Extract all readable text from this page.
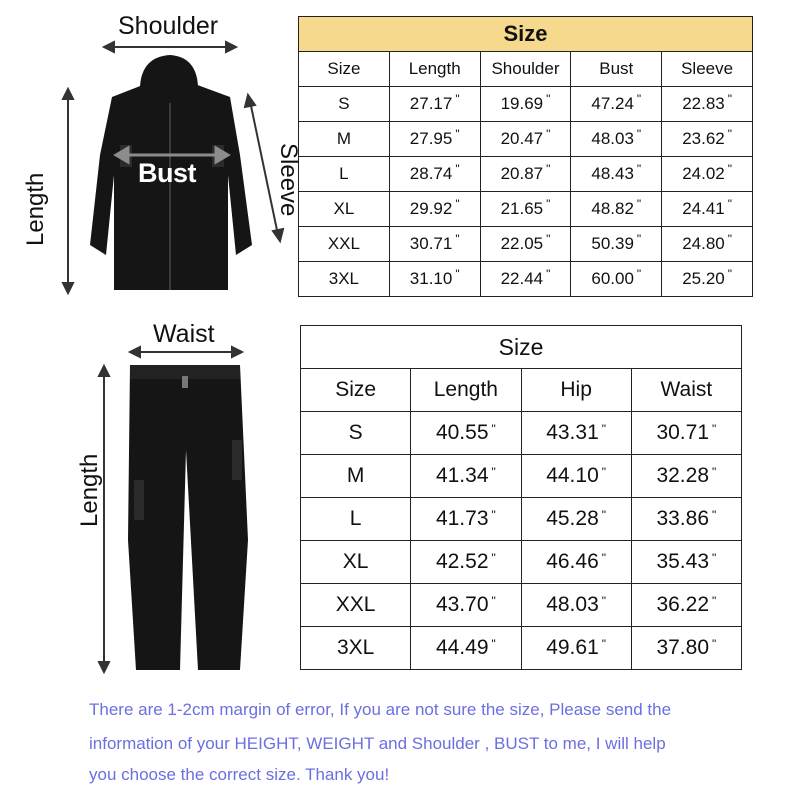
Shoulder
Bust
Length	Sleeve
Waist
Length
Size				
Size	Length	Shoulder	Bust	Sleeve
S	27.17 "	19.69 "	47.24 "	22.83 "
M	27.95 "	20.47 "	48.03 "	23.62 "
L	28.74 "	20.87 "	48.43 "	24.02 "
XL	29.92 "	21.65 "	48.82 "	24.41 "
XXL	30.71 "	22.05 "	50.39 "	24.80 "
3XL	31.10 "	22.44 "	60.00 "	25.20 "
Size			
Size	Length	Hip	Waist
S	40.55 "	43.31 "	30.71 "
M	41.34 "	44.10 "	32.28 "
L	41.73 "	45.28 "	33.86 "
XL	42.52 "	46.46 "	35.43 "
XXL	43.70 "	48.03 "	36.22 "
3XL	44.49 "	49.61 "	37.80 "
There are 1-2cm margin of error, If you are not sure the size, Please send the
information of your HEIGHT, WEIGHT and Shoulder , BUST to me, I will help
you choose the correct size. Thank you!
